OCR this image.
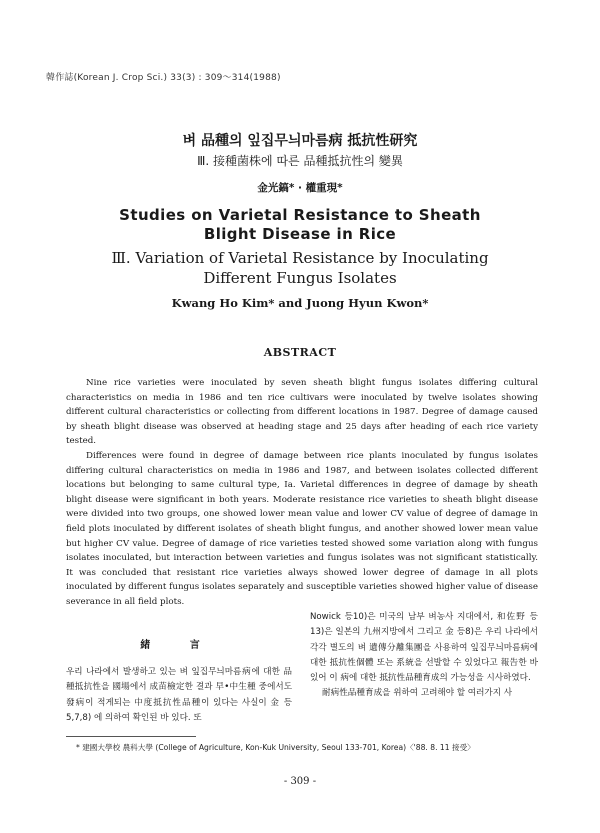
韓作誌(Korean J. Crop Sci.) 33(3) : 309～314(1988)
벼 品種의 잎집무늬마름病 抵抗性研究
Ⅲ. 接種菌株에 따른 品種抵抗性의 變異
金光鎬* · 權重現*
Studies on Varietal Resistance to Sheath
Blight Disease in Rice
Ⅲ. Variation of Varietal Resistance by Inoculating
Different Fungus Isolates
Kwang Ho Kim* and Juong Hyun Kwon*
ABSTRACT

Nine rice varieties were inoculated by seven sheath blight fungus isolates differing cultural characteristics on media in 1986 and ten rice cultivars were inoculated by twelve isolates showing different cultural characteristics or collecting from different locations in 1987. Degree of damage caused by sheath blight disease was observed at heading stage and 25 days after heading of each rice variety tested.

Differences were found in degree of damage between rice plants inoculated by fungus isolates differing cultural characteristics on media in 1986 and 1987, and between isolates collected different locations but belonging to same cultural type, Ia. Varietal differences in degree of damage by sheath blight disease were significant in both years. Moderate resistance rice varieties to sheath blight disease were divided into two groups, one showed lower mean value and lower CV value of degree of damage in field plots inoculated by different isolates of sheath blight fungus, and another showed lower mean value but higher CV value. Degree of damage of rice varieties tested showed some variation along with fungus isolates inoculated, but interaction between varieties and fungus isolates was not significant statistically. It was concluded that resistant rice varieties always showed lower degree of damage in all plots inoculated by different fungus isolates separately and susceptible varieties showed higher value of disease severance in all field plots.

緒 言
우리 나라에서 발생하고 있는 벼 잎집무늬마름病에 대한 品種抵抗性을 國場에서 成苗檢定한 결과 早•中生種 중에서도 發病이 적게되는 中度抵抗性品種이 있다는 사실이 金 등5,7,8) 에 의하여 확인된 바 있다. 또

Nowick 등10)은 미국의 남부 벼농사 지대에서, 和佐野 등13)은 일본의 九州지방에서 그리고 金 등8)은 우리 나라에서 각각 별도의 벼 遺傳分離集團을 사용하여 잎집무늬마름病에 대한 抵抗性個體 또는 系統을 선발할 수 있었다고 報告한 바 있어 이 病에 대한 抵抗性品種育成의 가능성을 시사하였다.

耐病性品種育成을 위하여 고려해야 할 여러가지 사

* 建國大學校 農科大學 (College of Agriculture, Kon-Kuk University, Seoul 133-701, Korea)〈'88. 8. 11 接受〉
- 309 -
